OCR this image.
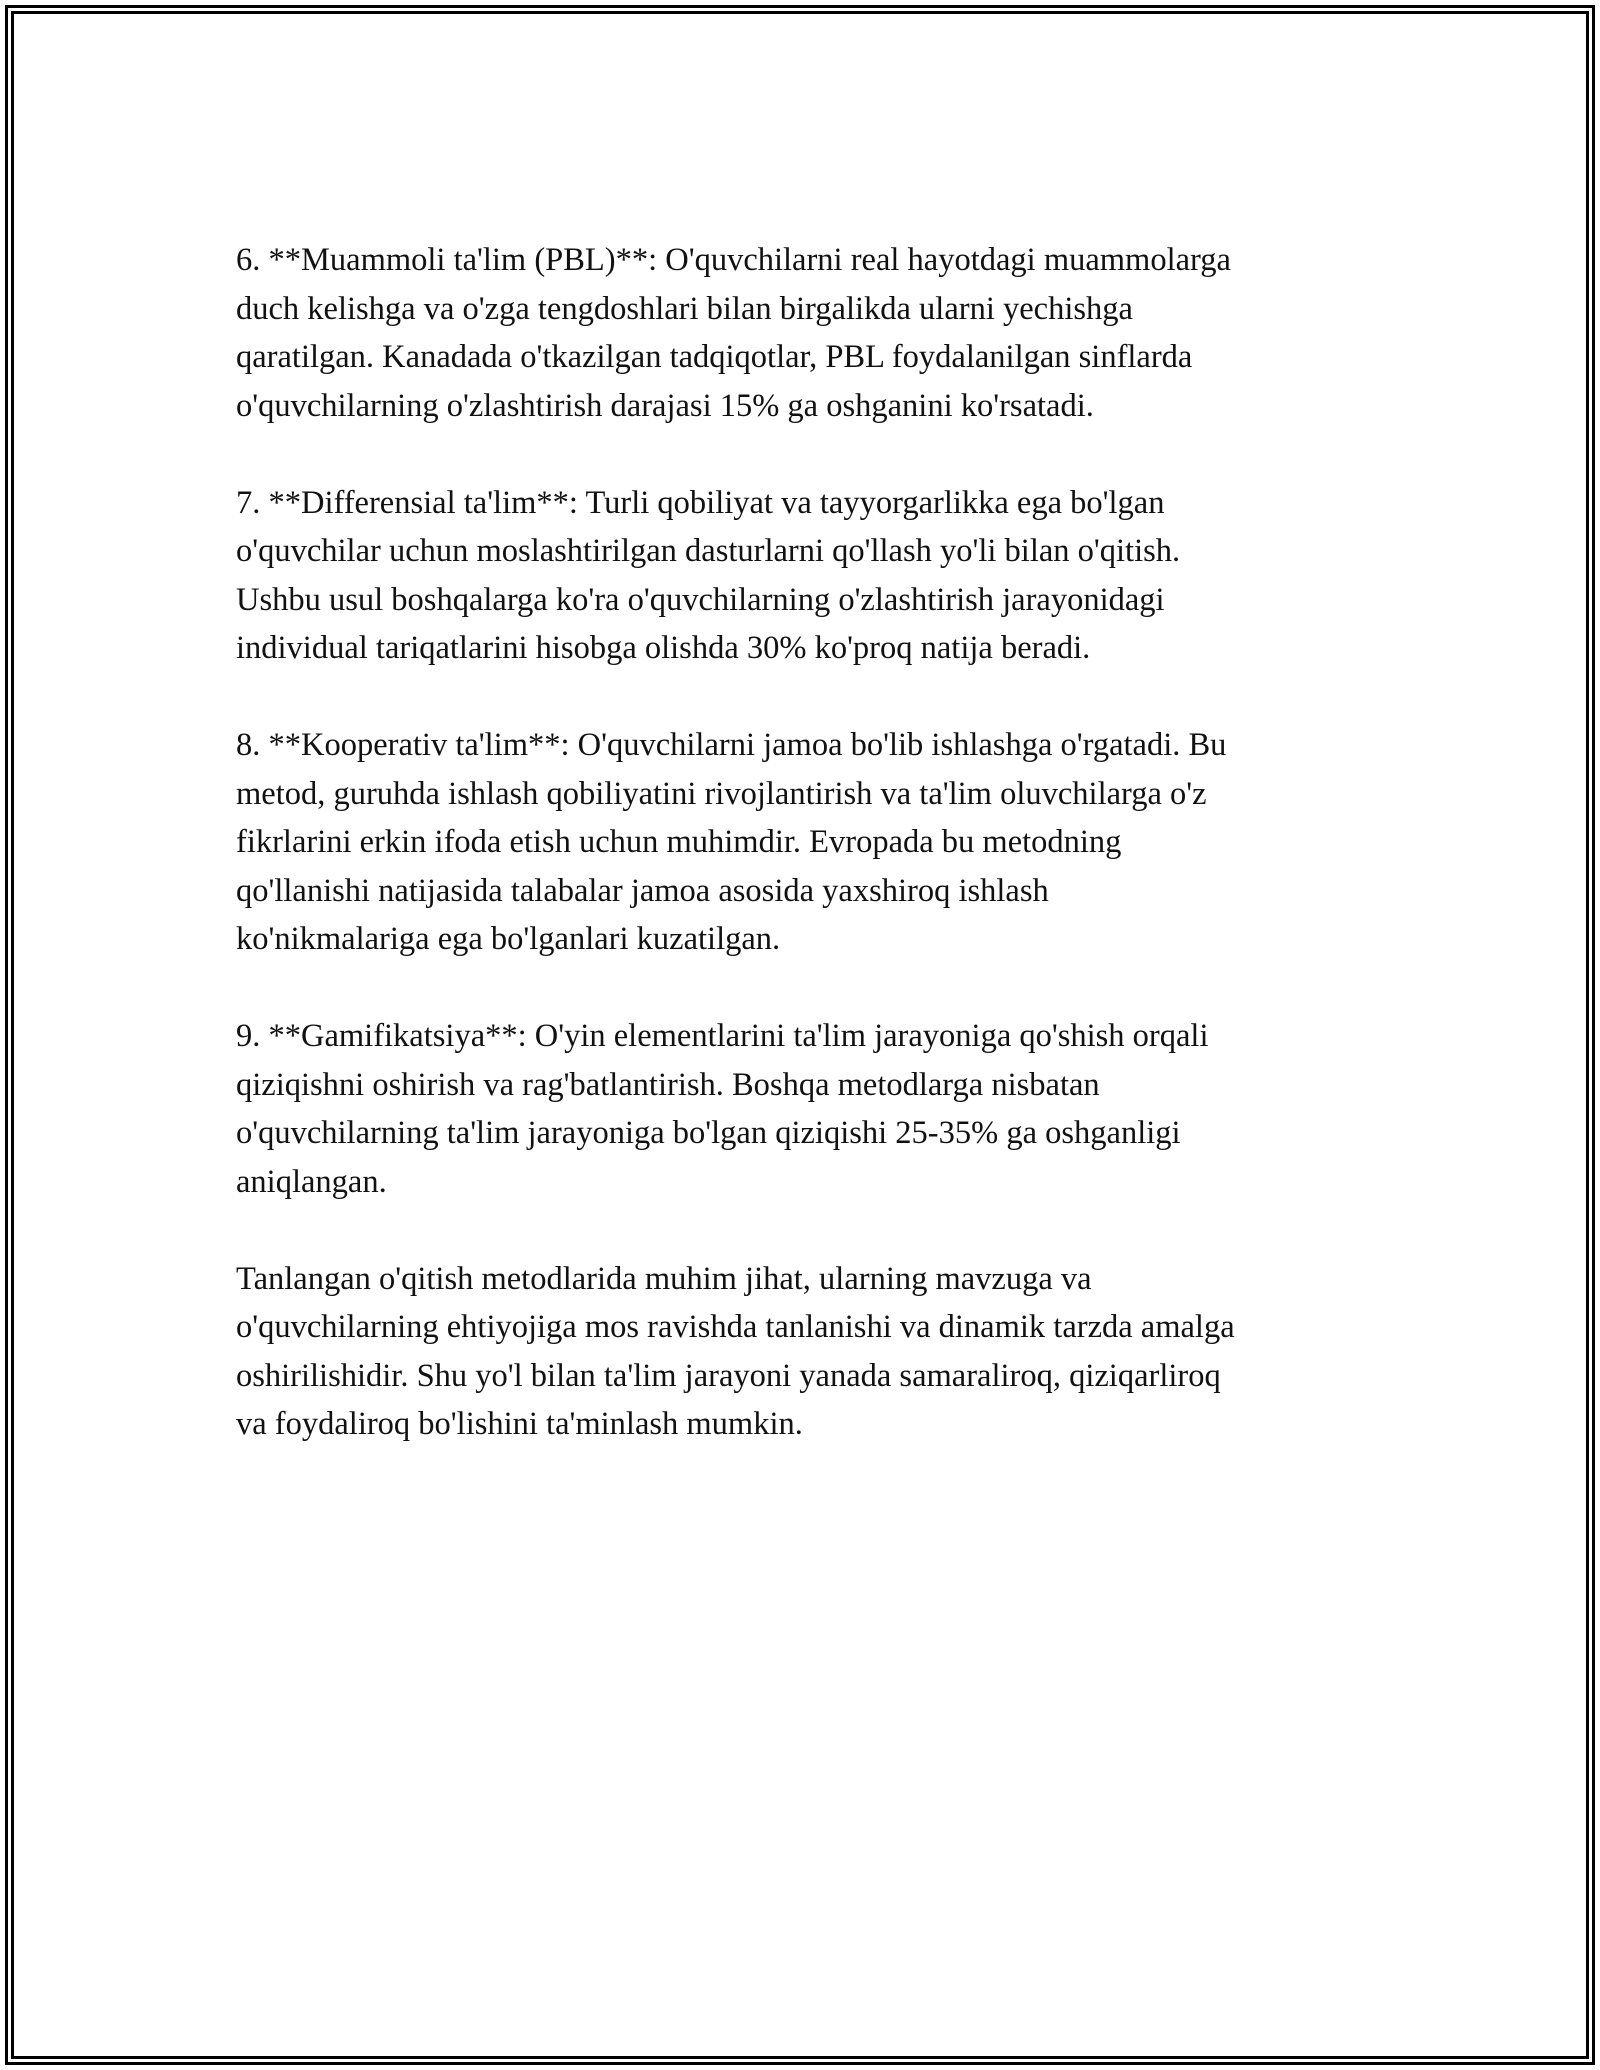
6. **Muammoli ta'lim (PBL)**: O'quvchilarni real hayotdagi muammolarga
duch kelishga va o'zga tengdoshlari bilan birgalikda ularni yechishga
qaratilgan. Kanadada o'tkazilgan tadqiqotlar, PBL foydalanilgan sinflarda
o'quvchilarning o'zlashtirish darajasi 15% ga oshganini ko'rsatadi.

7. **Differensial ta'lim**: Turli qobiliyat va tayyorgarlikka ega bo'lgan
o'quvchilar uchun moslashtirilgan dasturlarni qo'llash yo'li bilan o'qitish.
Ushbu usul boshqalarga ko'ra o'quvchilarning o'zlashtirish jarayonidagi
individual tariqatlarini hisobga olishda 30% ko'proq natija beradi.

8. **Kooperativ ta'lim**: O'quvchilarni jamoa bo'lib ishlashga o'rgatadi. Bu
metod, guruhda ishlash qobiliyatini rivojlantirish va ta'lim oluvchilarga o'z
fikrlarini erkin ifoda etish uchun muhimdir. Evropada bu metodning
qo'llanishi natijasida talabalar jamoa asosida yaxshiroq ishlash
ko'nikmalariga ega bo'lganlari kuzatilgan.

9. **Gamifikatsiya**: O'yin elementlarini ta'lim jarayoniga qo'shish orqali
qiziqishni oshirish va rag'batlantirish. Boshqa metodlarga nisbatan
o'quvchilarning ta'lim jarayoniga bo'lgan qiziqishi 25-35% ga oshganligi
aniqlangan.

Tanlangan o'qitish metodlarida muhim jihat, ularning mavzuga va
o'quvchilarning ehtiyojiga mos ravishda tanlanishi va dinamik tarzda amalga
oshirilishidir. Shu yo'l bilan ta'lim jarayoni yanada samaraliroq, qiziqarliroq
va foydaliroq bo'lishini ta'minlash mumkin.
